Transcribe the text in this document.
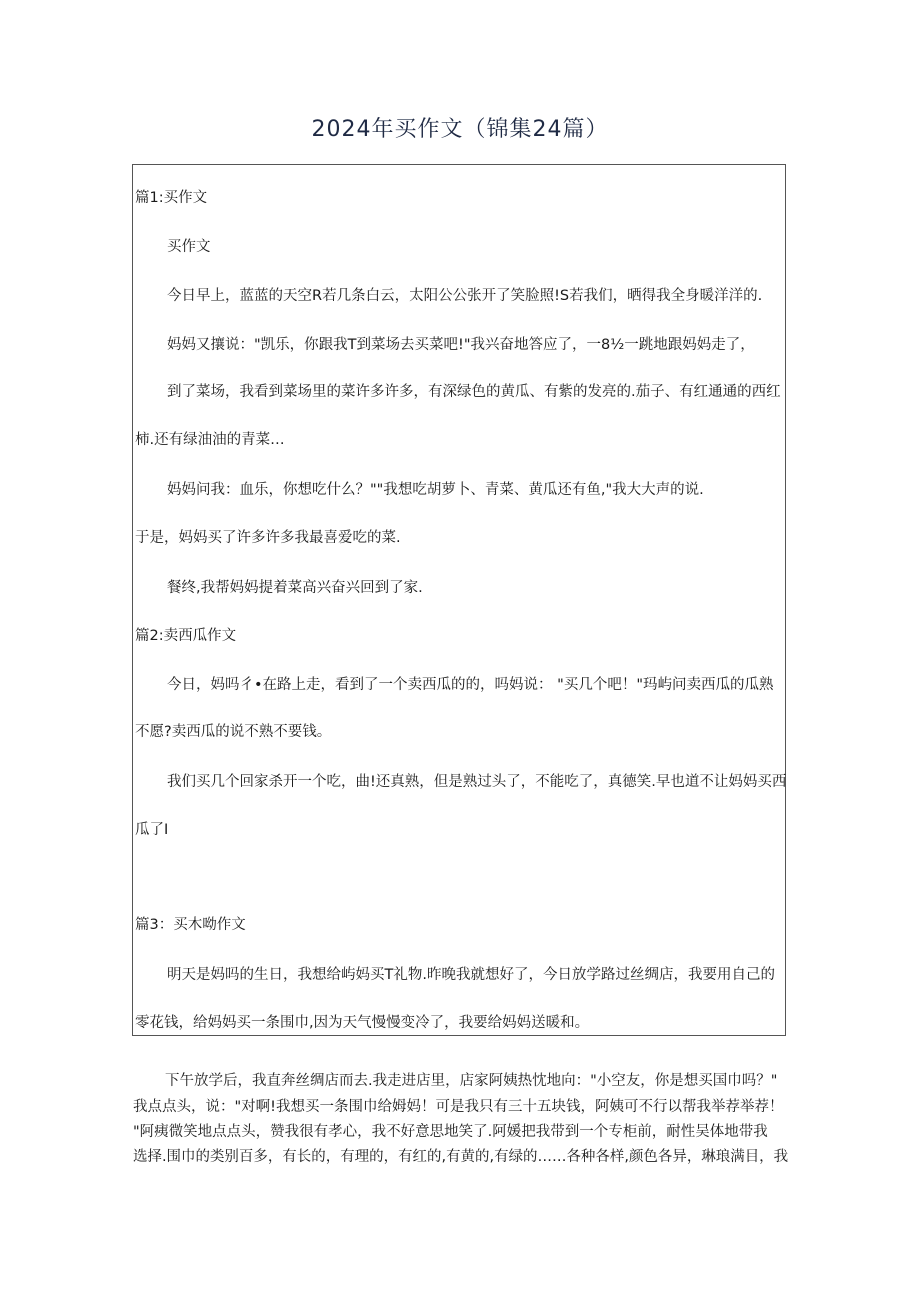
2024年买作文（锦集24篇）
篇1:买作文
买作文
今日早上，蓝蓝的天空R若几条白云，太阳公公张开了笑脸照!S若我们，晒得我全身暖洋洋的.
妈妈又攘说："凯乐，你跟我T到菜场去买菜吧!"我兴奋地答应了，一8½一跳地跟妈妈走了，
到了菜场，我看到菜场里的菜许多许多，有深绿色的黄瓜、有紫的发亮的.茄子、有红通通的西红
柿.还有绿油油的青菜…
妈妈问我：血乐，你想吃什么？""我想吃胡萝卜、青菜、黄瓜还有鱼,"我大大声的说.
于是，妈妈买了许多许多我最喜爱吃的菜.
餐终,我帮妈妈提着菜高兴奋兴回到了家.
篇2:卖西瓜作文
今日，妈吗彳•在路上走，看到了一个卖西瓜的的，吗妈说： "买几个吧！"玛屿问卖西瓜的瓜熟
不愿?卖西瓜的说不熟不要钱。
我们买几个回家杀开一个吃，曲!还真熟，但是熟过头了，不能吃了，真德笑.早也道不让妈妈买西
瓜了I
篇3：买木呦作文
明天是妈吗的生日，我想给屿妈买T礼物.昨晚我就想好了，今日放学路过丝绸店，我要用自己的
零花钱，给妈妈买一条围巾,因为天气慢慢变冷了，我要给妈妈送暖和。
下午放学后，我直奔丝绸店而去.我走进店里，店家阿姨热忱地向："小空友，你是想买国巾吗？"
我点点头，说："对啊!我想买一条围巾给姆妈！可是我只有三十五块钱，阿姨可不行以帮我举荐举荐！
"阿痍微笑地点点头，赞我很有孝心，我不好意思地笑了.阿媛把我带到一个专柜前，耐性吴体地带我
选择.围巾的类别百多，有长的，有理的，有红的,有黄的,有绿的……各种各样,颜色各异，琳琅满目，我
